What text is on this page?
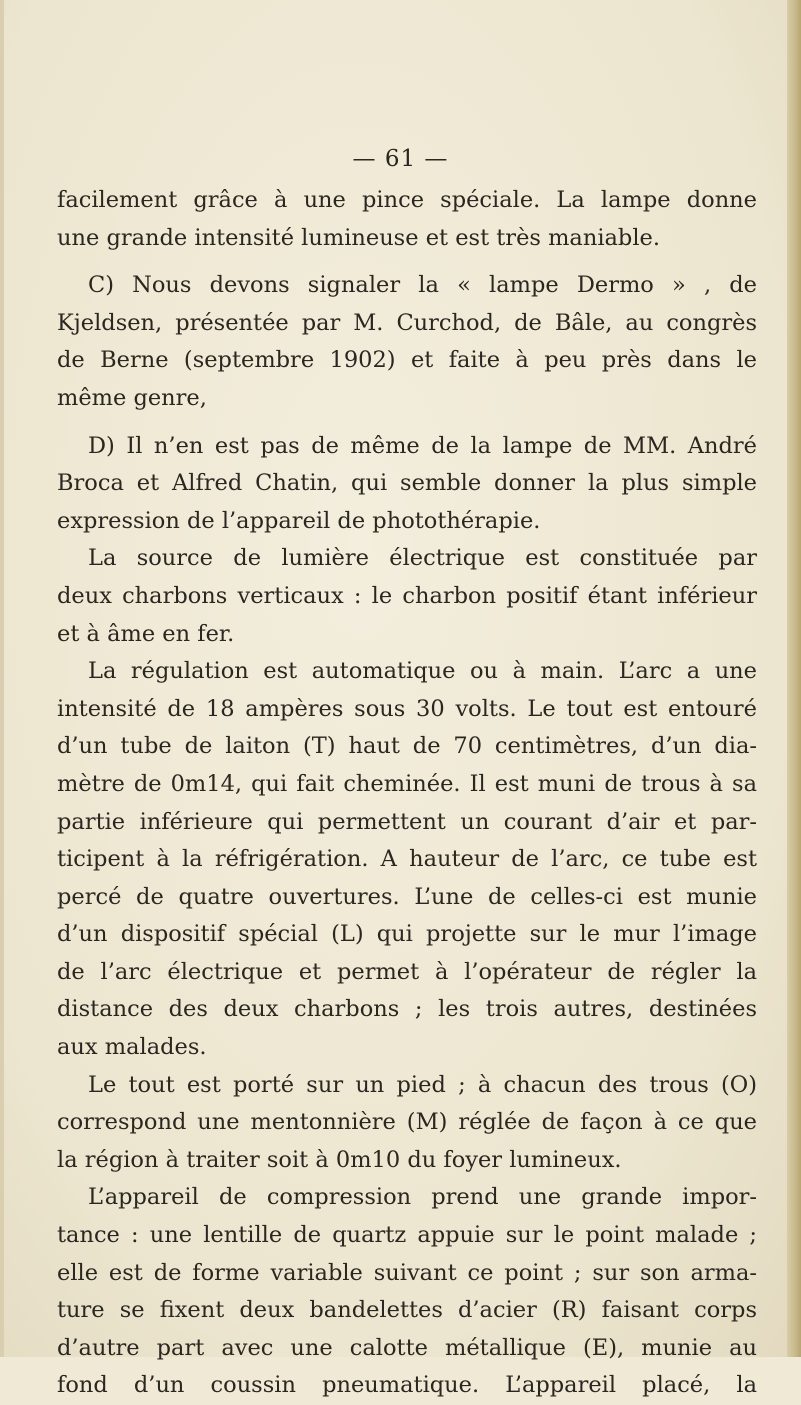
— 61 —
facilement grâce à une pince spéciale. La lampe donne
une grande intensité lumineuse et est très maniable.
C) Nous devons signaler la « lampe Dermo » , de
Kjeldsen, présentée par M. Curchod, de Bâle, au congrès
de Berne (septembre 1902) et faite à peu près dans le
même genre,
D) Il n’en est pas de même de la lampe de MM. André
Broca et Alfred Chatin, qui semble donner la plus simple
expression de l’appareil de photothérapie.
La source de lumière électrique est constituée par
deux charbons verticaux : le charbon positif étant inférieur
et à âme en fer.
La régulation est automatique ou à main. L’arc a une
intensité de 18 ampères sous 30 volts. Le tout est entouré
d’un tube de laiton (T) haut de 70 centimètres, d’un dia-
mètre de 0m14, qui fait cheminée. Il est muni de trous à sa
partie inférieure qui permettent un courant d’air et par-
ticipent à la réfrigération. A hauteur de l’arc, ce tube est
percé de quatre ouvertures. L’une de celles-ci est munie
d’un dispositif spécial (L) qui projette sur le mur l’image
de l’arc électrique et permet à l’opérateur de régler la
distance des deux charbons ; les trois autres, destinées
aux malades.
Le tout est porté sur un pied ; à chacun des trous (O)
correspond une mentonnière (M) réglée de façon à ce que
la région à traiter soit à 0m10 du foyer lumineux.
L’appareil de compression prend une grande impor-
tance : une lentille de quartz appuie sur le point malade ;
elle est de forme variable suivant ce point ; sur son arma-
ture se fixent deux bandelettes d’acier (R) faisant corps
d’autre part avec une calotte métallique (E), munie au
fond d’un coussin pneumatique. L’appareil placé, la
